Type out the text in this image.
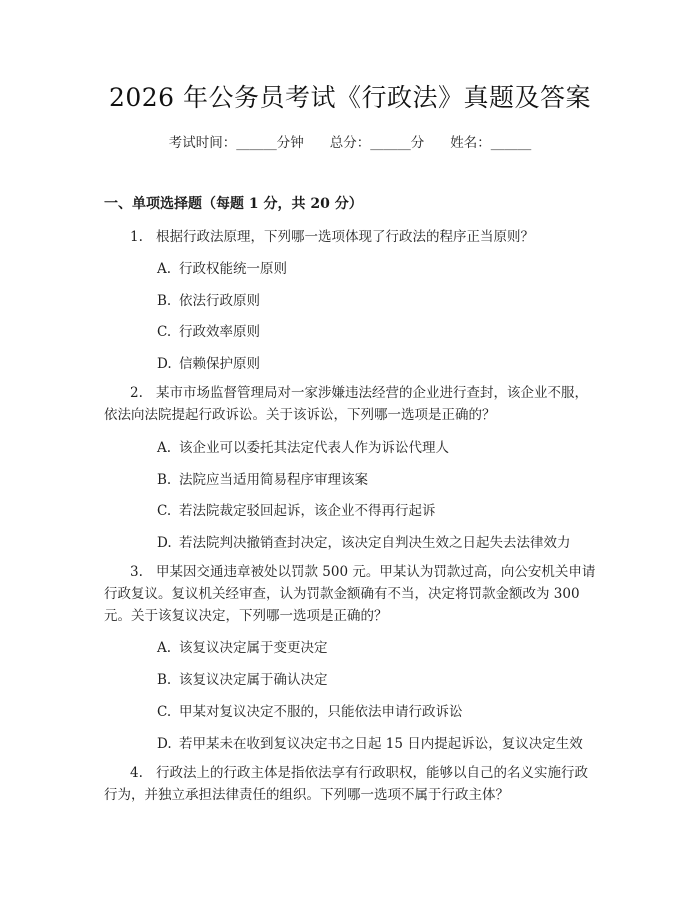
2026 年公务员考试《行政法》真题及答案
考试时间：______分钟 总分：______分 姓名：______
一、单项选择题（每题 1 分，共 20 分）
1. 根据行政法原理，下列哪一选项体现了行政法的程序正当原则？
A. 行政权能统一原则
B. 依法行政原则
C. 行政效率原则
D. 信赖保护原则
2. 某市市场监督管理局对一家涉嫌违法经营的企业进行查封，该企业不服，
依法向法院提起行政诉讼。关于该诉讼，下列哪一选项是正确的？
A. 该企业可以委托其法定代表人作为诉讼代理人
B. 法院应当适用简易程序审理该案
C. 若法院裁定驳回起诉，该企业不得再行起诉
D. 若法院判决撤销查封决定，该决定自判决生效之日起失去法律效力
3. 甲某因交通违章被处以罚款 500 元。甲某认为罚款过高，向公安机关申请
行政复议。复议机关经审查，认为罚款金额确有不当，决定将罚款金额改为 300
元。关于该复议决定，下列哪一选项是正确的？
A. 该复议决定属于变更决定
B. 该复议决定属于确认决定
C. 甲某对复议决定不服的，只能依法申请行政诉讼
D. 若甲某未在收到复议决定书之日起 15 日内提起诉讼，复议决定生效
4. 行政法上的行政主体是指依法享有行政职权，能够以自己的名义实施行政
行为，并独立承担法律责任的组织。下列哪一选项不属于行政主体？
